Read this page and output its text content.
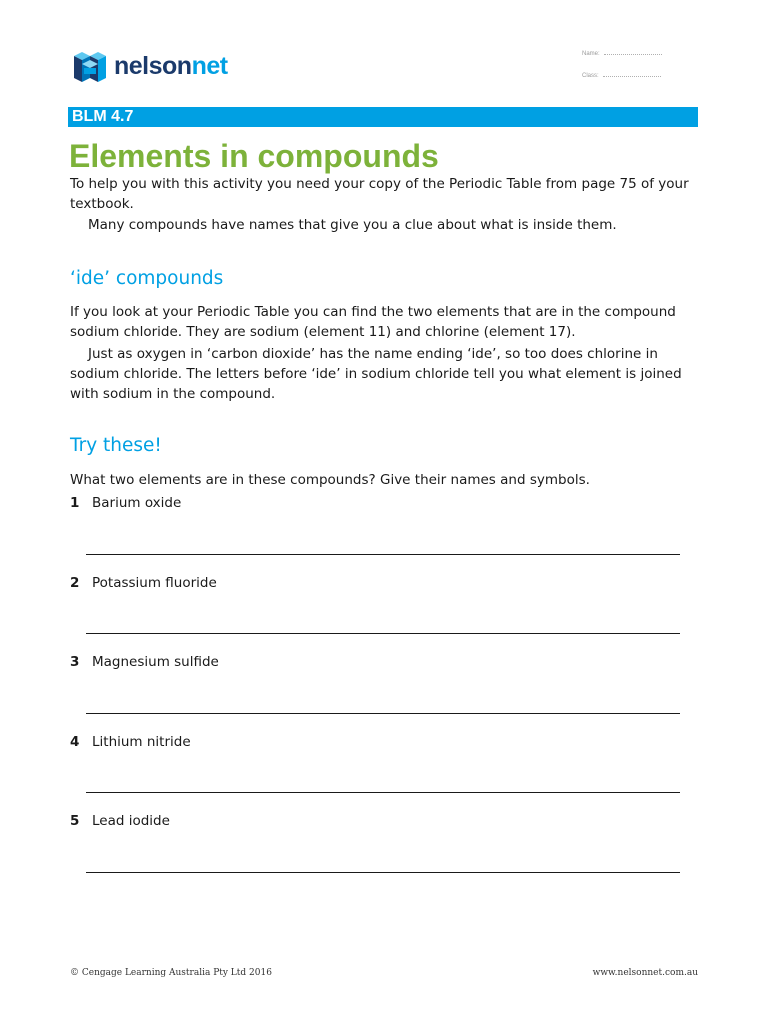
nelsonnet	Name:
Class:
BLM 4.7
Elements in compounds
To help you with this activity you need your copy of the Periodic Table from page 75 of your textbook.
Many compounds have names that give you a clue about what is inside them.
‘ide’ compounds
If you look at your Periodic Table you can find the two elements that are in the compound sodium chloride. They are sodium (element 11) and chlorine (element 17).
Just as oxygen in ‘carbon dioxide’ has the name ending ‘ide’, so too does chlorine in sodium chloride. The letters before ‘ide’ in sodium chloride tell you what element is joined with sodium in the compound.
Try these!
What two elements are in these compounds? Give their names and symbols.
1 Barium oxide
2 Potassium fluoride
3 Magnesium sulfide
4 Lithium nitride
5 Lead iodide
© Cengage Learning Australia Pty Ltd 2016	www.nelsonnet.com.au
